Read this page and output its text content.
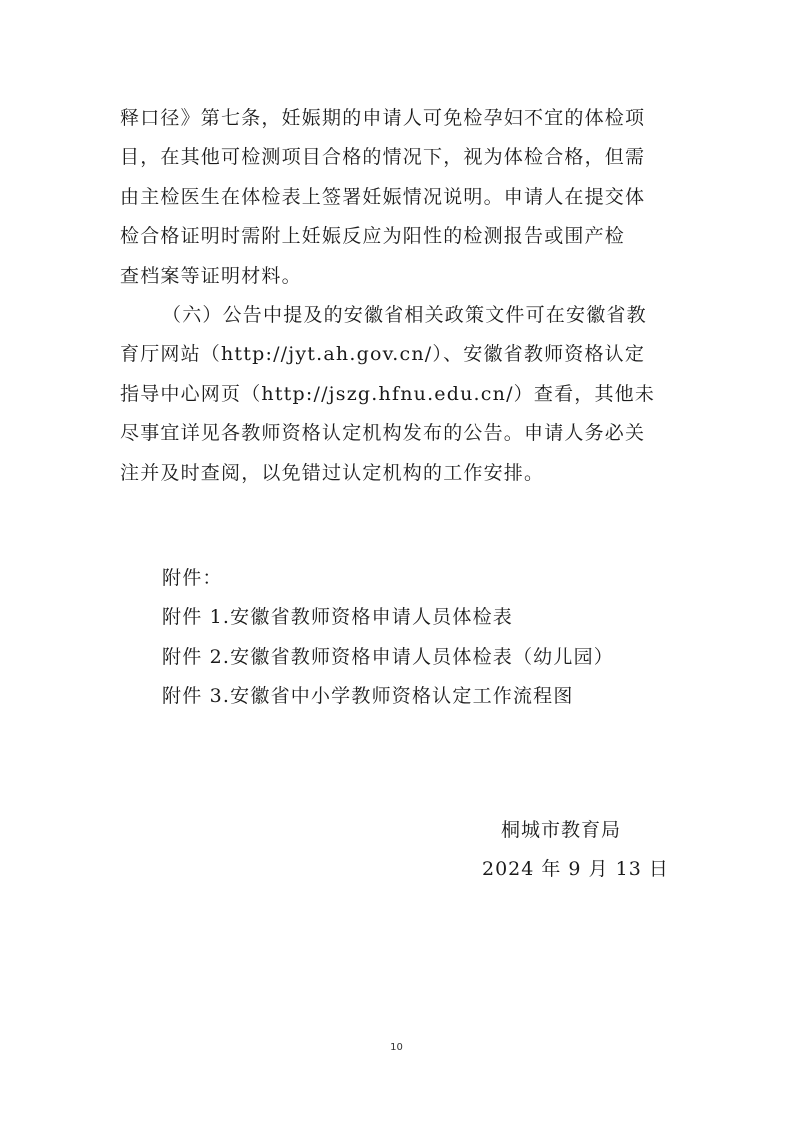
释口径》第七条，妊娠期的申请人可免检孕妇不宜的体检项
目，在其他可检测项目合格的情况下，视为体检合格，但需
由主检医生在体检表上签署妊娠情况说明。申请人在提交体
检合格证明时需附上妊娠反应为阳性的检测报告或围产检
查档案等证明材料。
（六）公告中提及的安徽省相关政策文件可在安徽省教
育厅网站（http://jyt.ah.gov.cn/）、安徽省教师资格认定
指导中心网页（http://jszg.hfnu.edu.cn/）查看，其他未
尽事宜详见各教师资格认定机构发布的公告。申请人务必关
注并及时查阅，以免错过认定机构的工作安排。
附件：
附件 1.安徽省教师资格申请人员体检表
附件 2.安徽省教师资格申请人员体检表（幼儿园）
附件 3.安徽省中小学教师资格认定工作流程图
桐城市教育局
2024 年 9 月 13 日
10
